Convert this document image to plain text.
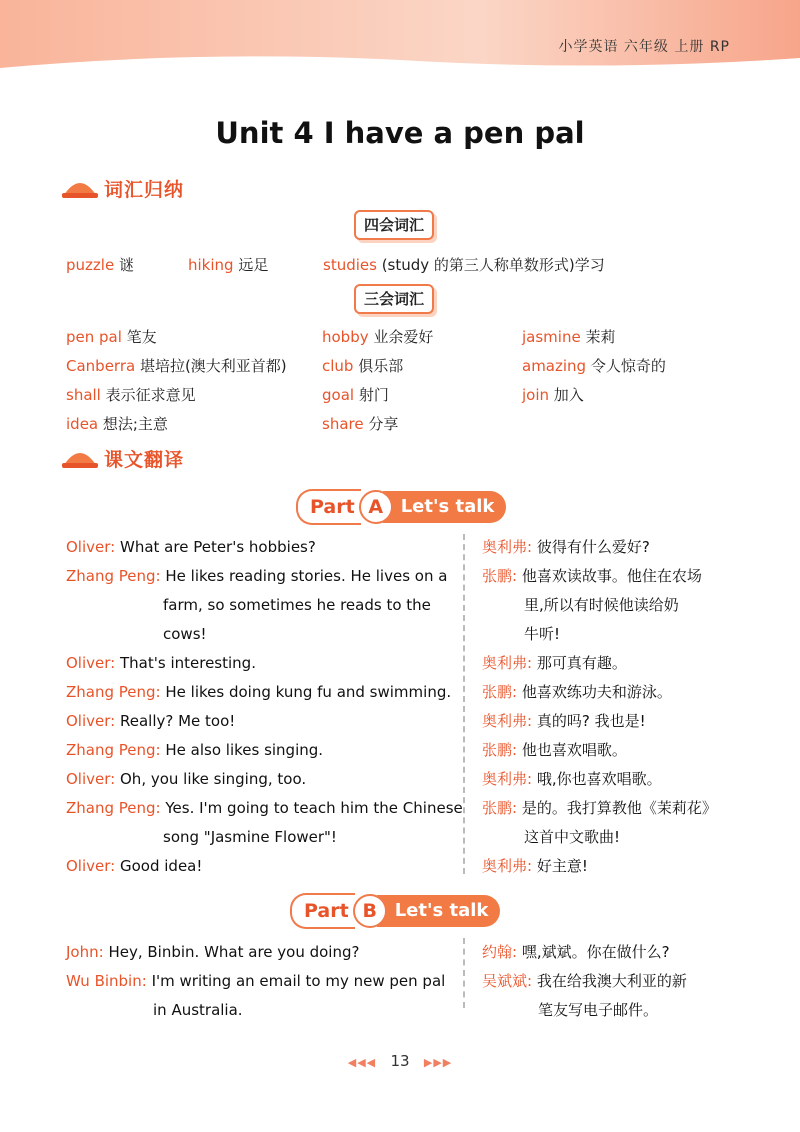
小学英语 六年级 上册 RP
Unit 4 I have a pen pal
词汇归纳
四会词汇
puzzle 谜	hiking 远足	studies (study 的第三人称单数形式)学习
三会词汇
pen pal 笔友	hobby 业余爱好	jasmine 茉莉
Canberra 堪培拉(澳大利亚首都) club 俱乐部	amazing 令人惊奇的
shall 表示征求意见	goal 射门	join 加入
idea 想法;主意	share 分享
课文翻译
Part A Let's talk
Oliver: What are Peter's hobbies?
Zhang Peng: He likes reading stories. He lives on a
farm, so sometimes he reads to the
cows!
Oliver: That's interesting.
Zhang Peng: He likes doing kung fu and swimming.
Oliver: Really? Me too!
Zhang Peng: He also likes singing.
Oliver: Oh, you like singing, too.
Zhang Peng: Yes. I'm going to teach him the Chinese
song "Jasmine Flower"!
Oliver: Good idea!
奥利弗: 彼得有什么爱好?
张鹏: 他喜欢读故事。他住在农场
里,所以有时候他读给奶
牛听!
奥利弗: 那可真有趣。
张鹏: 他喜欢练功夫和游泳。
奥利弗: 真的吗? 我也是!
张鹏: 他也喜欢唱歌。
奥利弗: 哦,你也喜欢唱歌。
张鹏: 是的。我打算教他《茉莉花》
这首中文歌曲!
奥利弗: 好主意!
Part B Let's talk
John: Hey, Binbin. What are you doing?
Wu Binbin: I'm writing an email to my new pen pal
in Australia.
约翰: 嘿,斌斌。你在做什么?
吴斌斌: 我在给我澳大利亚的新
笔友写电子邮件。
◀◀◀ 13 ▶▶▶
